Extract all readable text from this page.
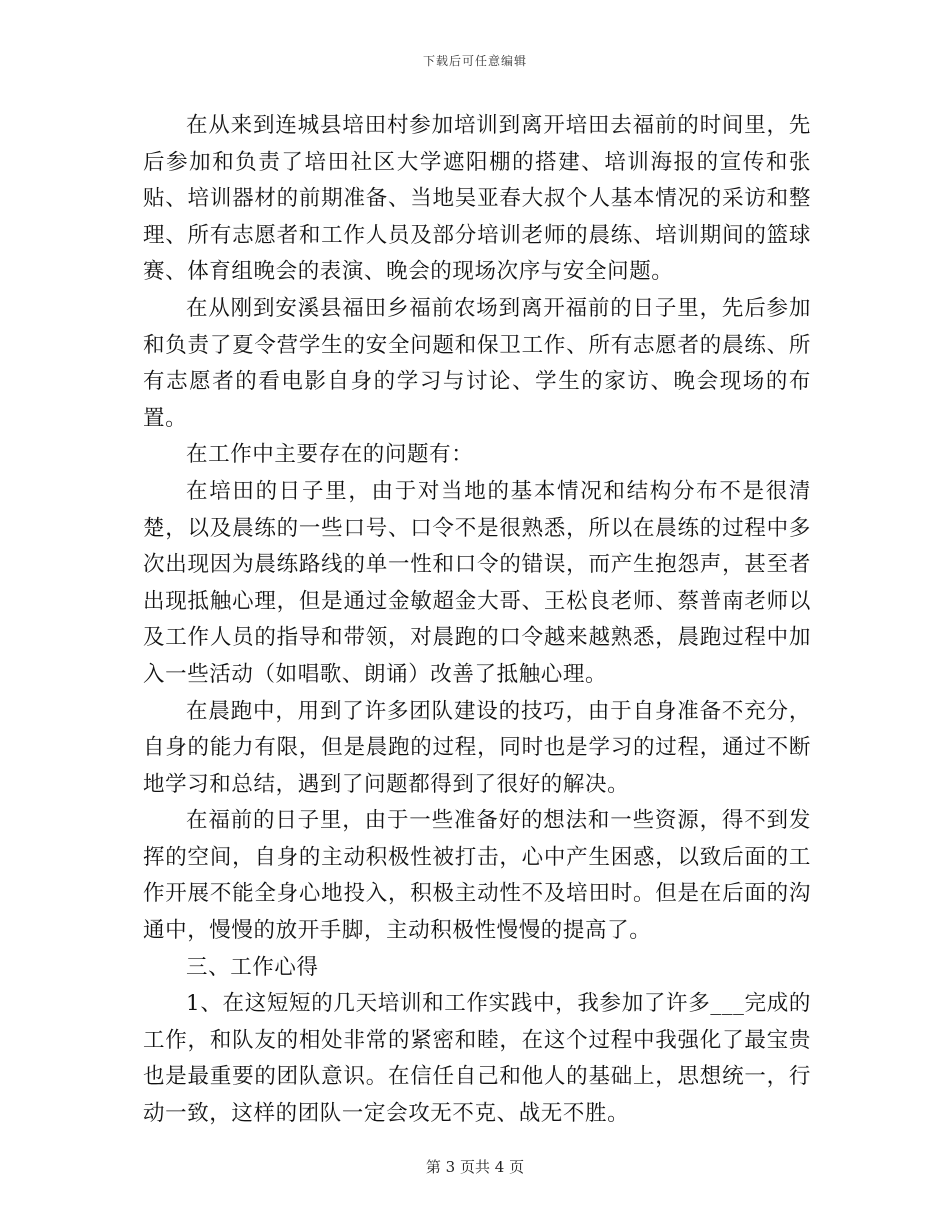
下载后可任意编辑

在从来到连城县培田村参加培训到离开培田去福前的时间里，先后参加和负责了培田社区大学遮阳棚的搭建、培训海报的宣传和张贴、培训器材的前期准备、当地吴亚春大叔个人基本情况的采访和整理、所有志愿者和工作人员及部分培训老师的晨练、培训期间的篮球赛、体育组晚会的表演、晚会的现场次序与安全问题。

在从刚到安溪县福田乡福前农场到离开福前的日子里，先后参加和负责了夏令营学生的安全问题和保卫工作、所有志愿者的晨练、所有志愿者的看电影自身的学习与讨论、学生的家访、晚会现场的布置。

在工作中主要存在的问题有：

在培田的日子里，由于对当地的基本情况和结构分布不是很清楚，以及晨练的一些口号、口令不是很熟悉，所以在晨练的过程中多次出现因为晨练路线的单一性和口令的错误，而产生抱怨声，甚至者出现抵触心理，但是通过金敏超金大哥、王松良老师、蔡普南老师以及工作人员的指导和带领，对晨跑的口令越来越熟悉，晨跑过程中加入一些活动（如唱歌、朗诵）改善了抵触心理。

在晨跑中，用到了许多团队建设的技巧，由于自身准备不充分，自身的能力有限，但是晨跑的过程，同时也是学习的过程，通过不断地学习和总结，遇到了问题都得到了很好的解决。

在福前的日子里，由于一些准备好的想法和一些资源，得不到发挥的空间，自身的主动积极性被打击，心中产生困惑，以致后面的工作开展不能全身心地投入，积极主动性不及培田时。但是在后面的沟通中，慢慢的放开手脚，主动积极性慢慢的提高了。

三、工作心得

1、在这短短的几天培训和工作实践中，我参加了许多___完成的工作，和队友的相处非常的紧密和睦，在这个过程中我强化了最宝贵也是最重要的团队意识。在信任自己和他人的基础上，思想统一，行动一致，这样的团队一定会攻无不克、战无不胜。

第 3 页共 4 页
